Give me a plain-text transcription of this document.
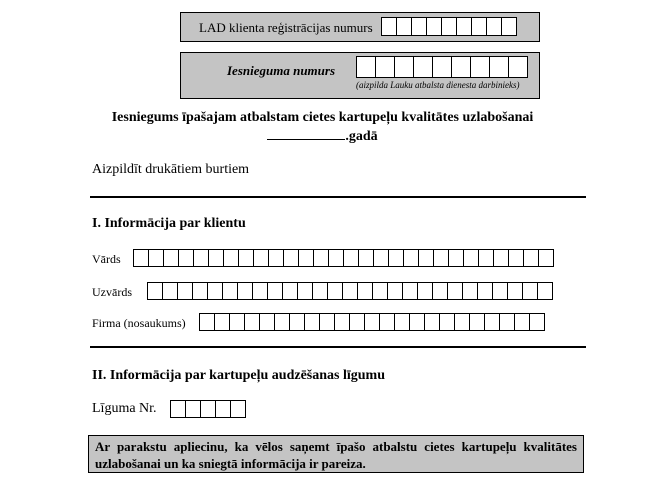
LAD klienta reģistrācijas numurs
Iesnieguma numurs
(aizpilda Lauku atbalsta dienesta darbinieks)
Iesniegums īpašajam atbalstam cietes kartupeļu kvalitātes uzlabošanai
.gadā
Aizpildīt drukātiem burtiem
I. Informācija par klientu
Vārds
Uzvārds
Firma (nosaukums)
II. Informācija par kartupeļu audzēšanas līgumu
Līguma Nr.
Ar parakstu apliecinu, ka vēlos saņemt īpašo atbalstu cietes kartupeļu kvalitātes uzlabošanai un ka sniegtā informācija ir pareiza.
